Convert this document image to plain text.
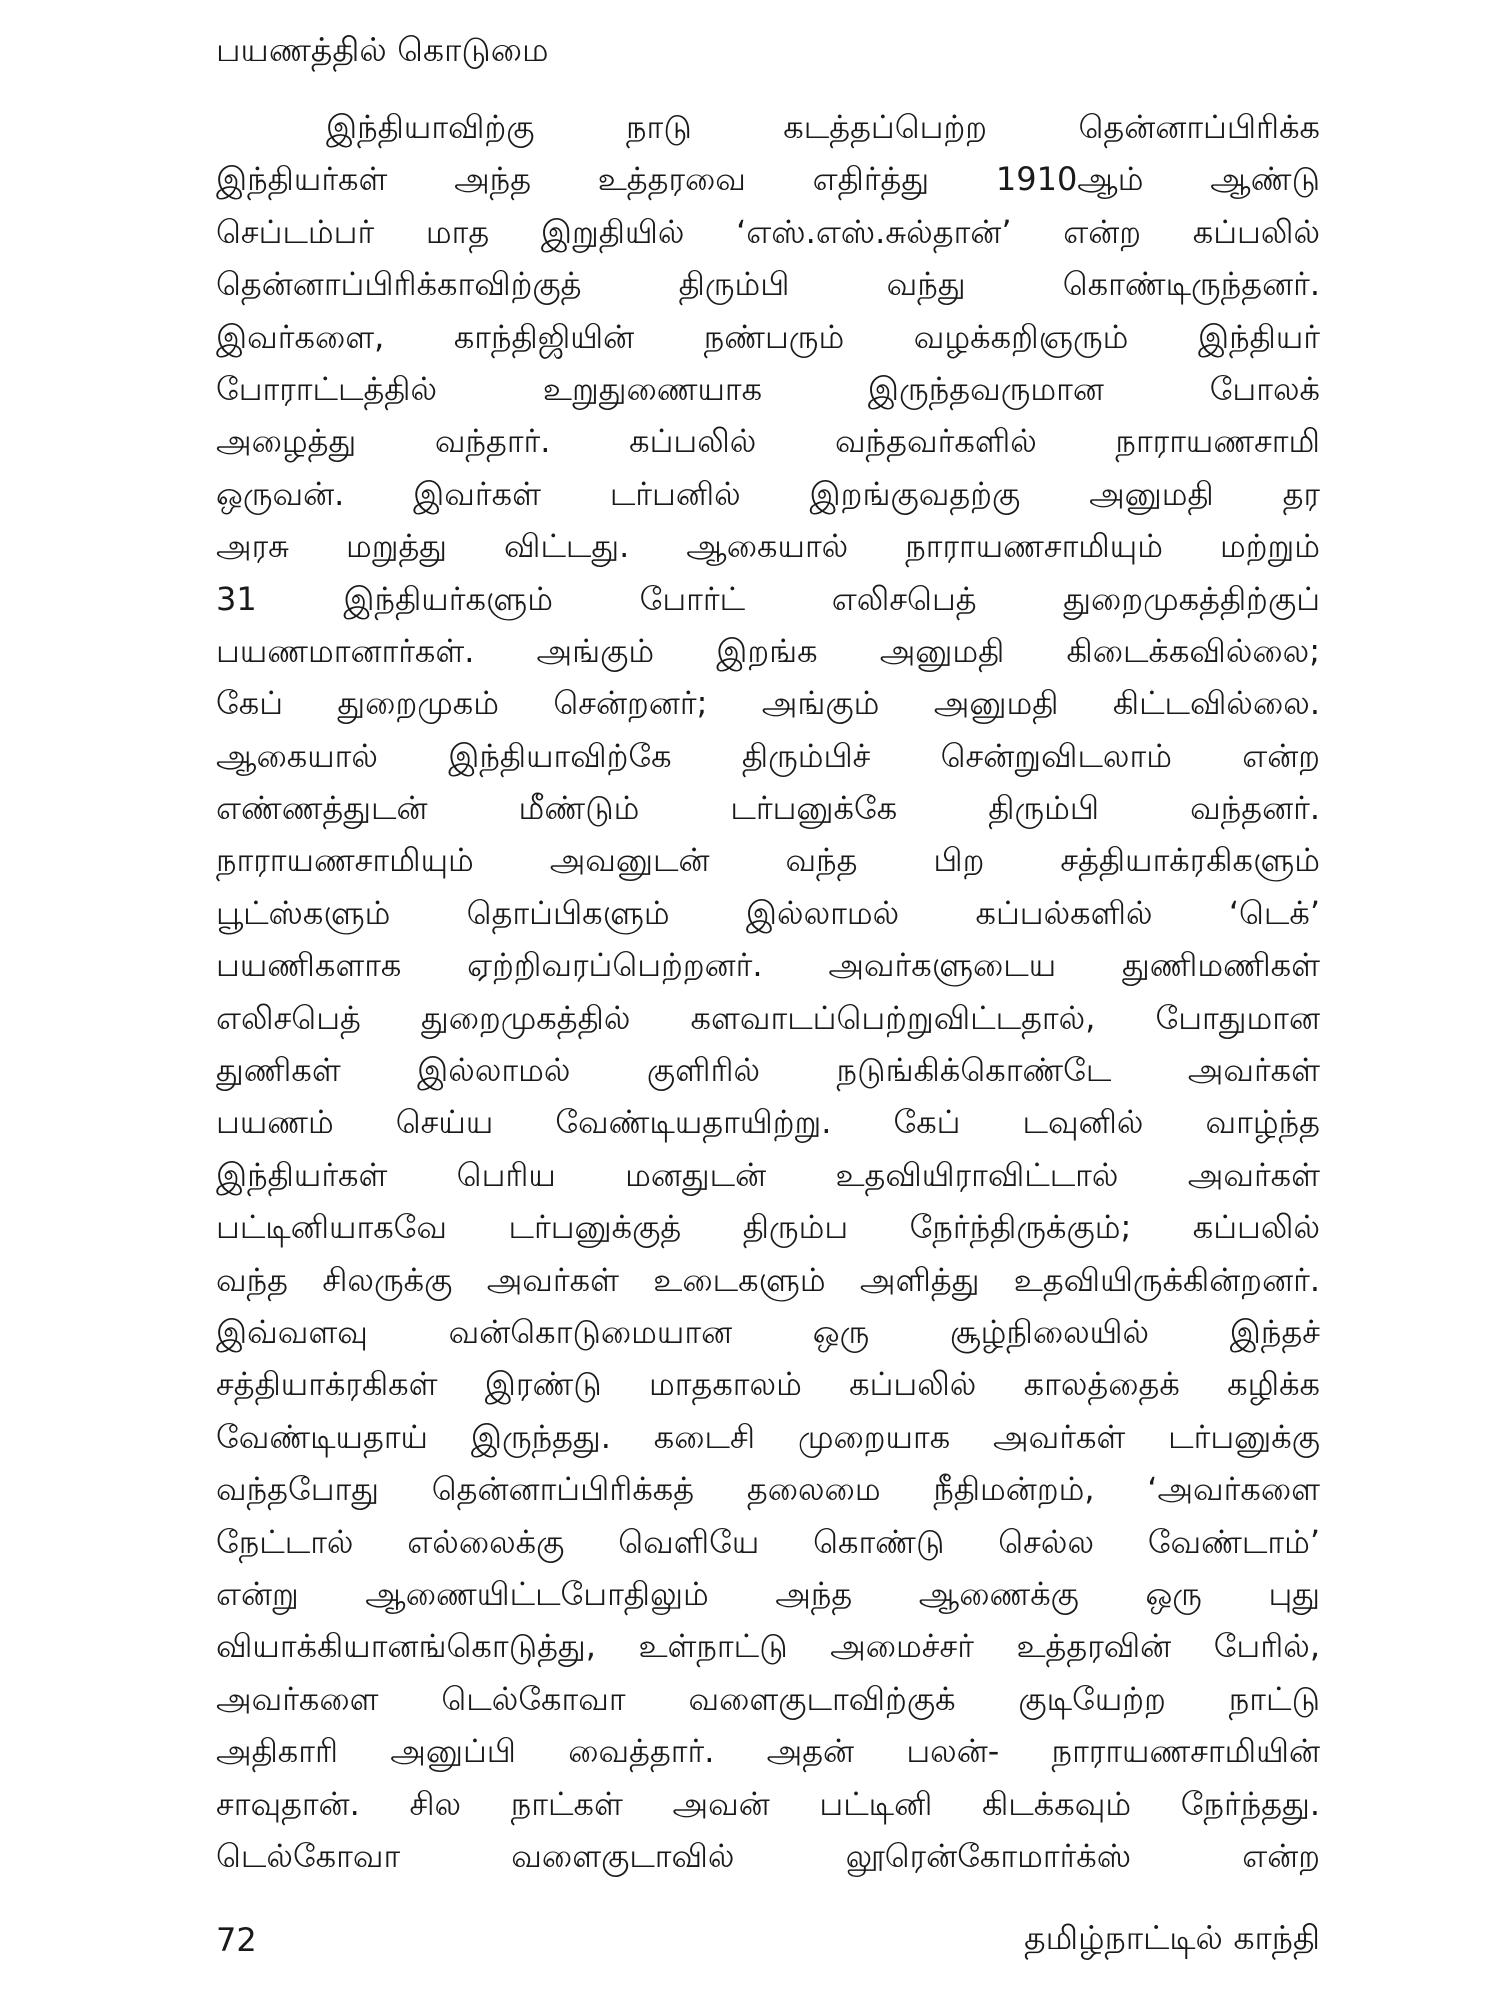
பயணத்தில் கொடுமை
இந்தியாவிற்கு நாடு கடத்தப்பெற்ற தென்னாப்பிரிக்க
இந்தியர்கள் அந்த உத்தரவை எதிர்த்து 1910ஆம் ஆண்டு
செப்டம்பர் மாத இறுதியில் ‘எஸ்.எஸ்.சுல்தான்’ என்ற கப்பலில்
தென்னாப்பிரிக்காவிற்குத் திரும்பி வந்து கொண்டிருந்தனர்.
இவர்களை, காந்திஜியின் நண்பரும் வழக்கறிஞரும் இந்தியர்
போராட்டத்தில் உறுதுணையாக இருந்தவருமான போலக்
அழைத்து வந்தார். கப்பலில் வந்தவர்களில் நாராயணசாமி
ஒருவன். இவர்கள் டர்பனில் இறங்குவதற்கு அனுமதி தர
அரசு மறுத்து விட்டது. ஆகையால் நாராயணசாமியும் மற்றும்
31 இந்தியர்களும் போர்ட் எலிசபெத் துறைமுகத்திற்குப்
பயணமானார்கள். அங்கும் இறங்க அனுமதி கிடைக்கவில்லை;
கேப் துறைமுகம் சென்றனர்; அங்கும் அனுமதி கிட்டவில்லை.
ஆகையால் இந்தியாவிற்கே திரும்பிச் சென்றுவிடலாம் என்ற
எண்ணத்துடன் மீண்டும் டர்பனுக்கே திரும்பி வந்தனர்.
நாராயணசாமியும் அவனுடன் வந்த பிற சத்தியாக்ரகிகளும்
பூட்ஸ்களும் தொப்பிகளும் இல்லாமல் கப்பல்களில் ‘டெக்’
பயணிகளாக ஏற்றிவரப்பெற்றனர். அவர்களுடைய துணிமணிகள்
எலிசபெத் துறைமுகத்தில் களவாடப்பெற்றுவிட்டதால், போதுமான
துணிகள் இல்லாமல் குளிரில் நடுங்கிக்கொண்டே அவர்கள்
பயணம் செய்ய வேண்டியதாயிற்று. கேப் டவுனில் வாழ்ந்த
இந்தியர்கள் பெரிய மனதுடன் உதவியிராவிட்டால் அவர்கள்
பட்டினியாகவே டர்பனுக்குத் திரும்ப நேர்ந்திருக்கும்; கப்பலில்
வந்த சிலருக்கு அவர்கள் உடைகளும் அளித்து உதவியிருக்கின்றனர்.
இவ்வளவு வன்கொடுமையான ஒரு சூழ்நிலையில் இந்தச்
சத்தியாக்ரகிகள் இரண்டு மாதகாலம் கப்பலில் காலத்தைக் கழிக்க
வேண்டியதாய் இருந்தது. கடைசி முறையாக அவர்கள் டர்பனுக்கு
வந்தபோது தென்னாப்பிரிக்கத் தலைமை நீதிமன்றம், ‘அவர்களை
நேட்டால் எல்லைக்கு வெளியே கொண்டு செல்ல வேண்டாம்’
என்று ஆணையிட்டபோதிலும் அந்த ஆணைக்கு ஒரு புது
வியாக்கியானங்கொடுத்து, உள்நாட்டு அமைச்சர் உத்தரவின் பேரில்,
அவர்களை டெல்கோவா வளைகுடாவிற்குக் குடியேற்ற நாட்டு
அதிகாரி அனுப்பி வைத்தார். அதன் பலன்- நாராயணசாமியின்
சாவுதான். சில நாட்கள் அவன் பட்டினி கிடக்கவும் நேர்ந்தது.
டெல்கோவா வளைகுடாவில் லூரென்கோமார்க்ஸ் என்ற
72	தமிழ்நாட்டில் காந்தி
